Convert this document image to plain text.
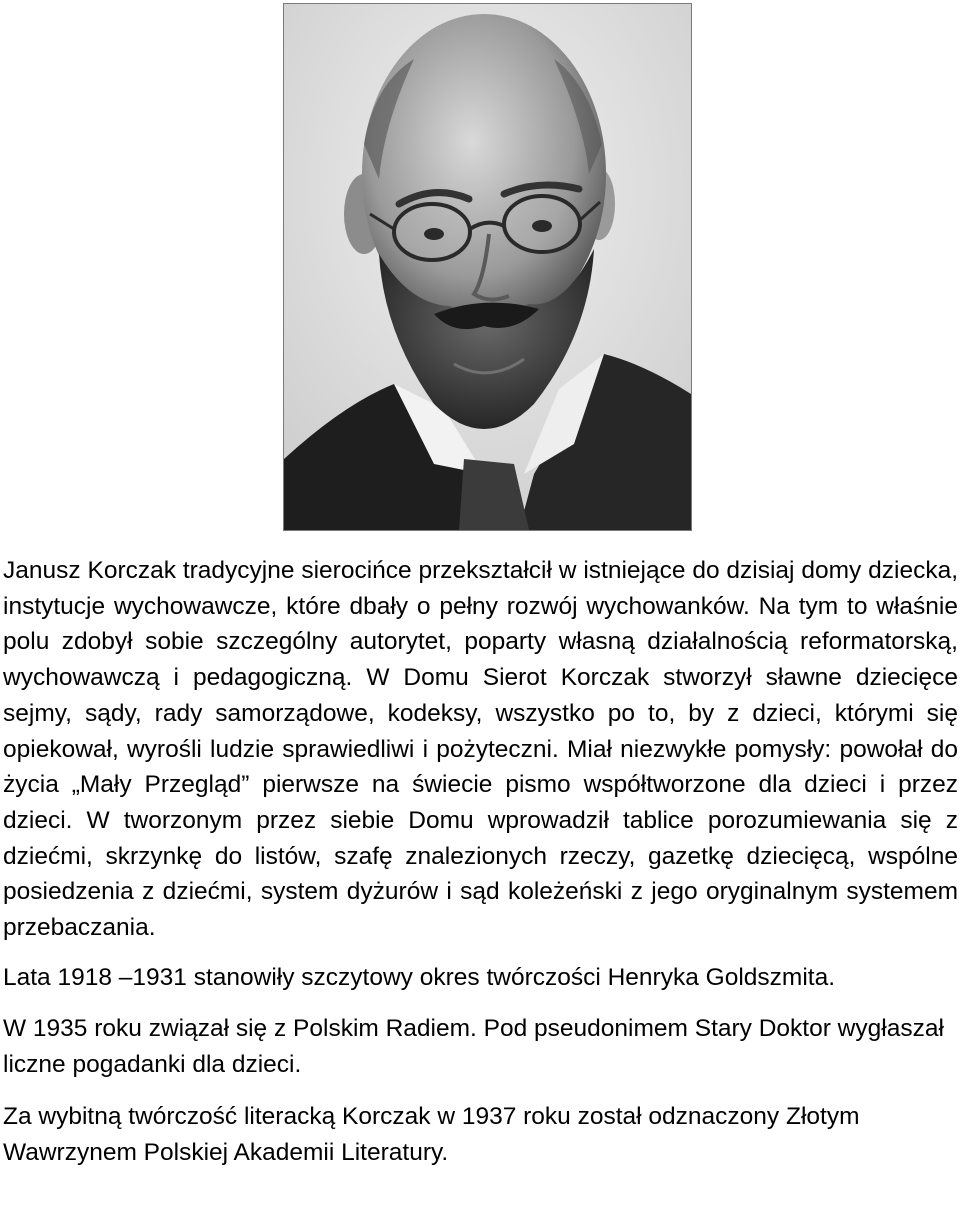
Janusz Korczak tradycyjne sierocińce przekształcił w istniejące do dzisiaj domy dziecka, instytucje wychowawcze, które dbały o pełny rozwój wychowanków. Na tym to właśnie polu zdobył sobie szczególny autorytet, poparty własną działalnością reformatorską, wychowawczą i pedagogiczną. W Domu Sierot Korczak stworzył sławne dziecięce sejmy, sądy, rady samorządowe, kodeksy, wszystko po to, by z dzieci, którymi się opiekował, wyrośli ludzie sprawiedliwi i pożyteczni. Miał niezwykłe pomysły: powołał do życia „Mały Przegląd” pierwsze na świecie pismo współtworzone dla dzieci i przez dzieci. W tworzonym przez siebie Domu wprowadził tablice porozumiewania się z dziećmi, skrzynkę do listów, szafę znalezionych rzeczy, gazetkę dziecięcą, wspólne posiedzenia z dziećmi, system dyżurów i sąd koleżeński z jego oryginalnym systemem przebaczania.

Lata 1918 –1931 stanowiły szczytowy okres twórczości Henryka Goldszmita.

W 1935 roku związał się z Polskim Radiem. Pod pseudonimem Stary Doktor wygłaszał liczne pogadanki dla dzieci.

Za wybitną twórczość literacką Korczak w 1937 roku został odznaczony Złotym Wawrzynem Polskiej Akademii Literatury.
